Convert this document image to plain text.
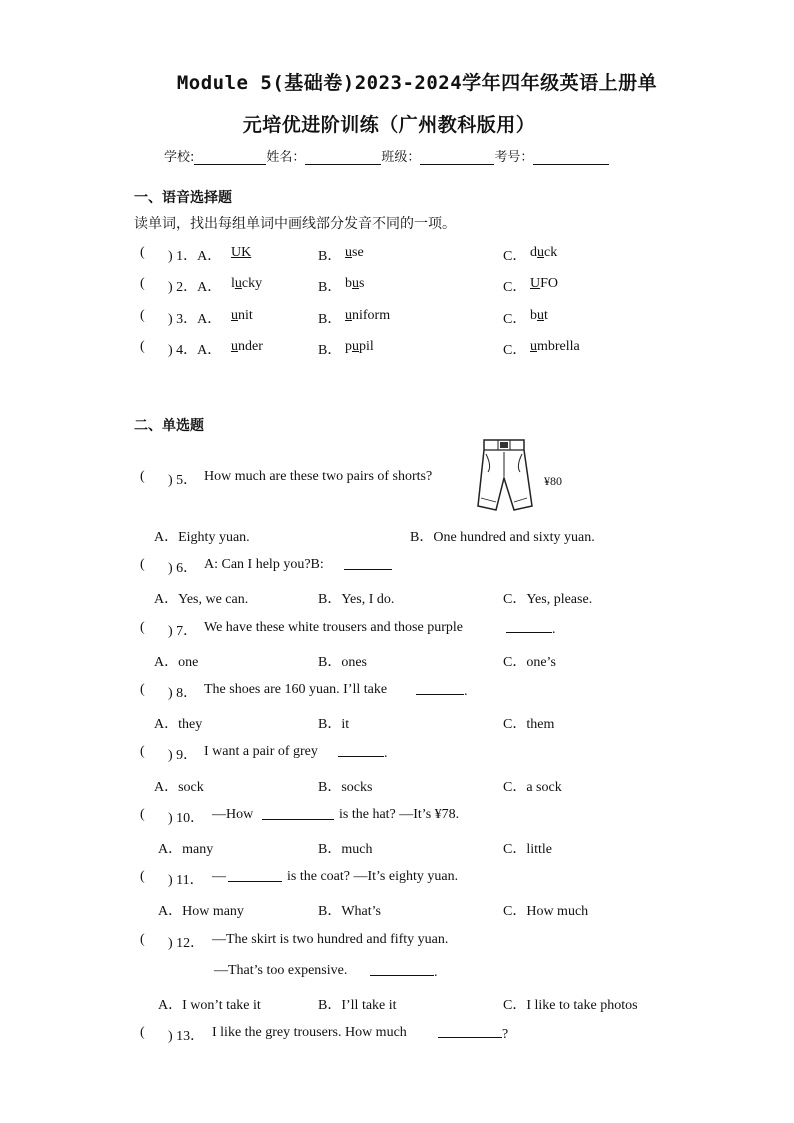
Module 5(基础卷)2023-2024学年四年级英语上册单
元培优进阶训练（广州教科版用）
学校:	姓名：	班级：	考号：
一、语音选择题
读单词，找出每组单词中画线部分发音不同的一项。
( ) 1．A． UK	B． use	C． duck
( ) 2．A． lucky	B． bus	C． UFO
( ) 3．A． unit	B． uniform	C． but
( ) 4．A． under	B． pupil	C． umbrella
二、单选题
( ) 5． How much are these two pairs of shorts?	¥80
A．Eighty yuan.	B．One hundred and sixty yuan.
( ) 6． A: Can I help you?B:
A．Yes, we can.	B．Yes, I do.	C．Yes, please.
( ) 7． We have these white trousers and those purple	.
A．one	B．ones	C．one’s
( ) 8． The shoes are 160 yuan. I’ll take	.
A．they	B．it	C．them
( ) 9． I want a pair of grey	.
A．sock	B．socks	C．a sock
( ) 10． —How	is the hat? —It’s ¥78.
A．many	B．much	C．little
( ) 11． —	is the coat? —It’s eighty yuan.
A．How many	B．What’s	C．How much
( ) 12． —The skirt is two hundred and fifty yuan.
—That’s too expensive.	.
A．I won’t take it	B．I’ll take it	C．I like to take photos
( ) 13． I like the grey trousers. How much	?
